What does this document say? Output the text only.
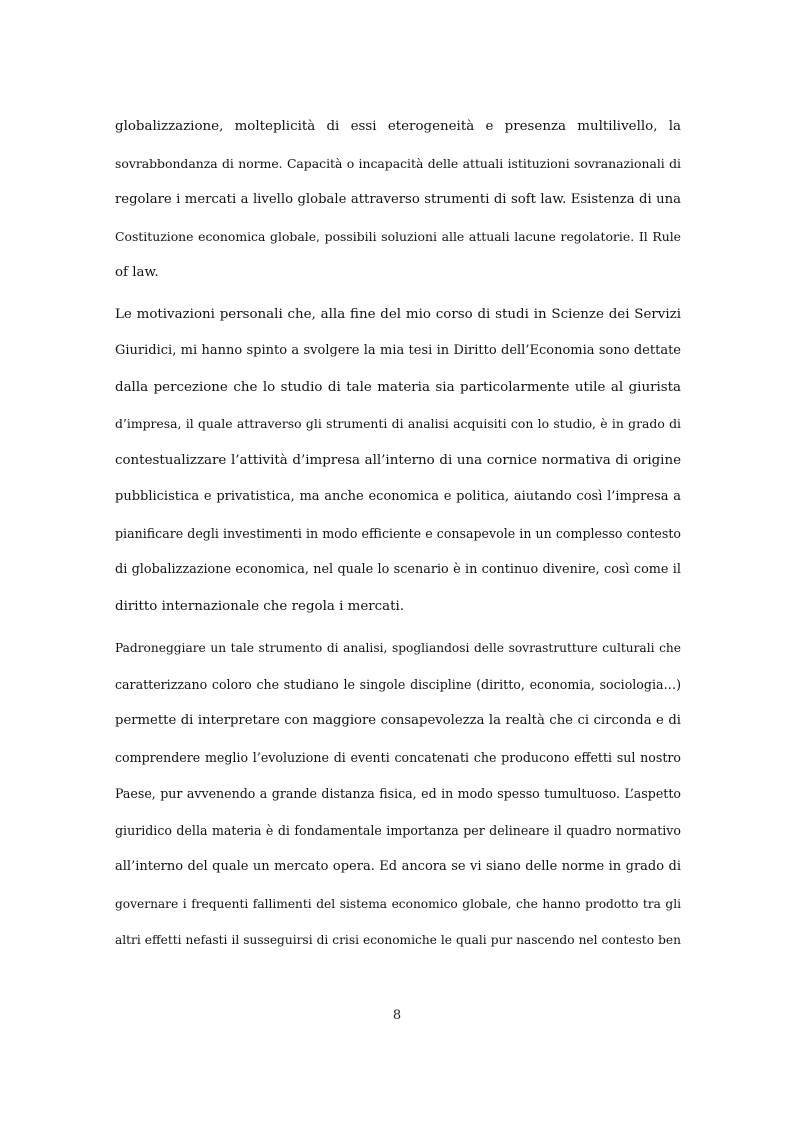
globalizzazione, molteplicità di essi eterogeneità e presenza multilivello, la
sovrabbondanza di norme. Capacità o incapacità delle attuali istituzioni sovranazionali di
regolare i mercati a livello globale attraverso strumenti di soft law. Esistenza di una
Costituzione economica globale, possibili soluzioni alle attuali lacune regolatorie. Il Rule
of law.
Le motivazioni personali che, alla fine del mio corso di studi in Scienze dei Servizi
Giuridici, mi hanno spinto a svolgere la mia tesi in Diritto dell’Economia sono dettate
dalla percezione che lo studio di tale materia sia particolarmente utile al giurista
d’impresa, il quale attraverso gli strumenti di analisi acquisiti con lo studio, è in grado di
contestualizzare l’attività d’impresa all’interno di una cornice normativa di origine
pubblicistica e privatistica, ma anche economica e politica, aiutando così l’impresa a
pianificare degli investimenti in modo efficiente e consapevole in un complesso contesto
di globalizzazione economica, nel quale lo scenario è in continuo divenire, così come il
diritto internazionale che regola i mercati.
Padroneggiare un tale strumento di analisi, spogliandosi delle sovrastrutture culturali che
caratterizzano coloro che studiano le singole discipline (diritto, economia, sociologia…)
permette di interpretare con maggiore consapevolezza la realtà che ci circonda e di
comprendere meglio l’evoluzione di eventi concatenati che producono effetti sul nostro
Paese, pur avvenendo a grande distanza fisica, ed in modo spesso tumultuoso. L’aspetto
giuridico della materia è di fondamentale importanza per delineare il quadro normativo
all’interno del quale un mercato opera. Ed ancora se vi siano delle norme in grado di
governare i frequenti fallimenti del sistema economico globale, che hanno prodotto tra gli
altri effetti nefasti il susseguirsi di crisi economiche le quali pur nascendo nel contesto ben
8
